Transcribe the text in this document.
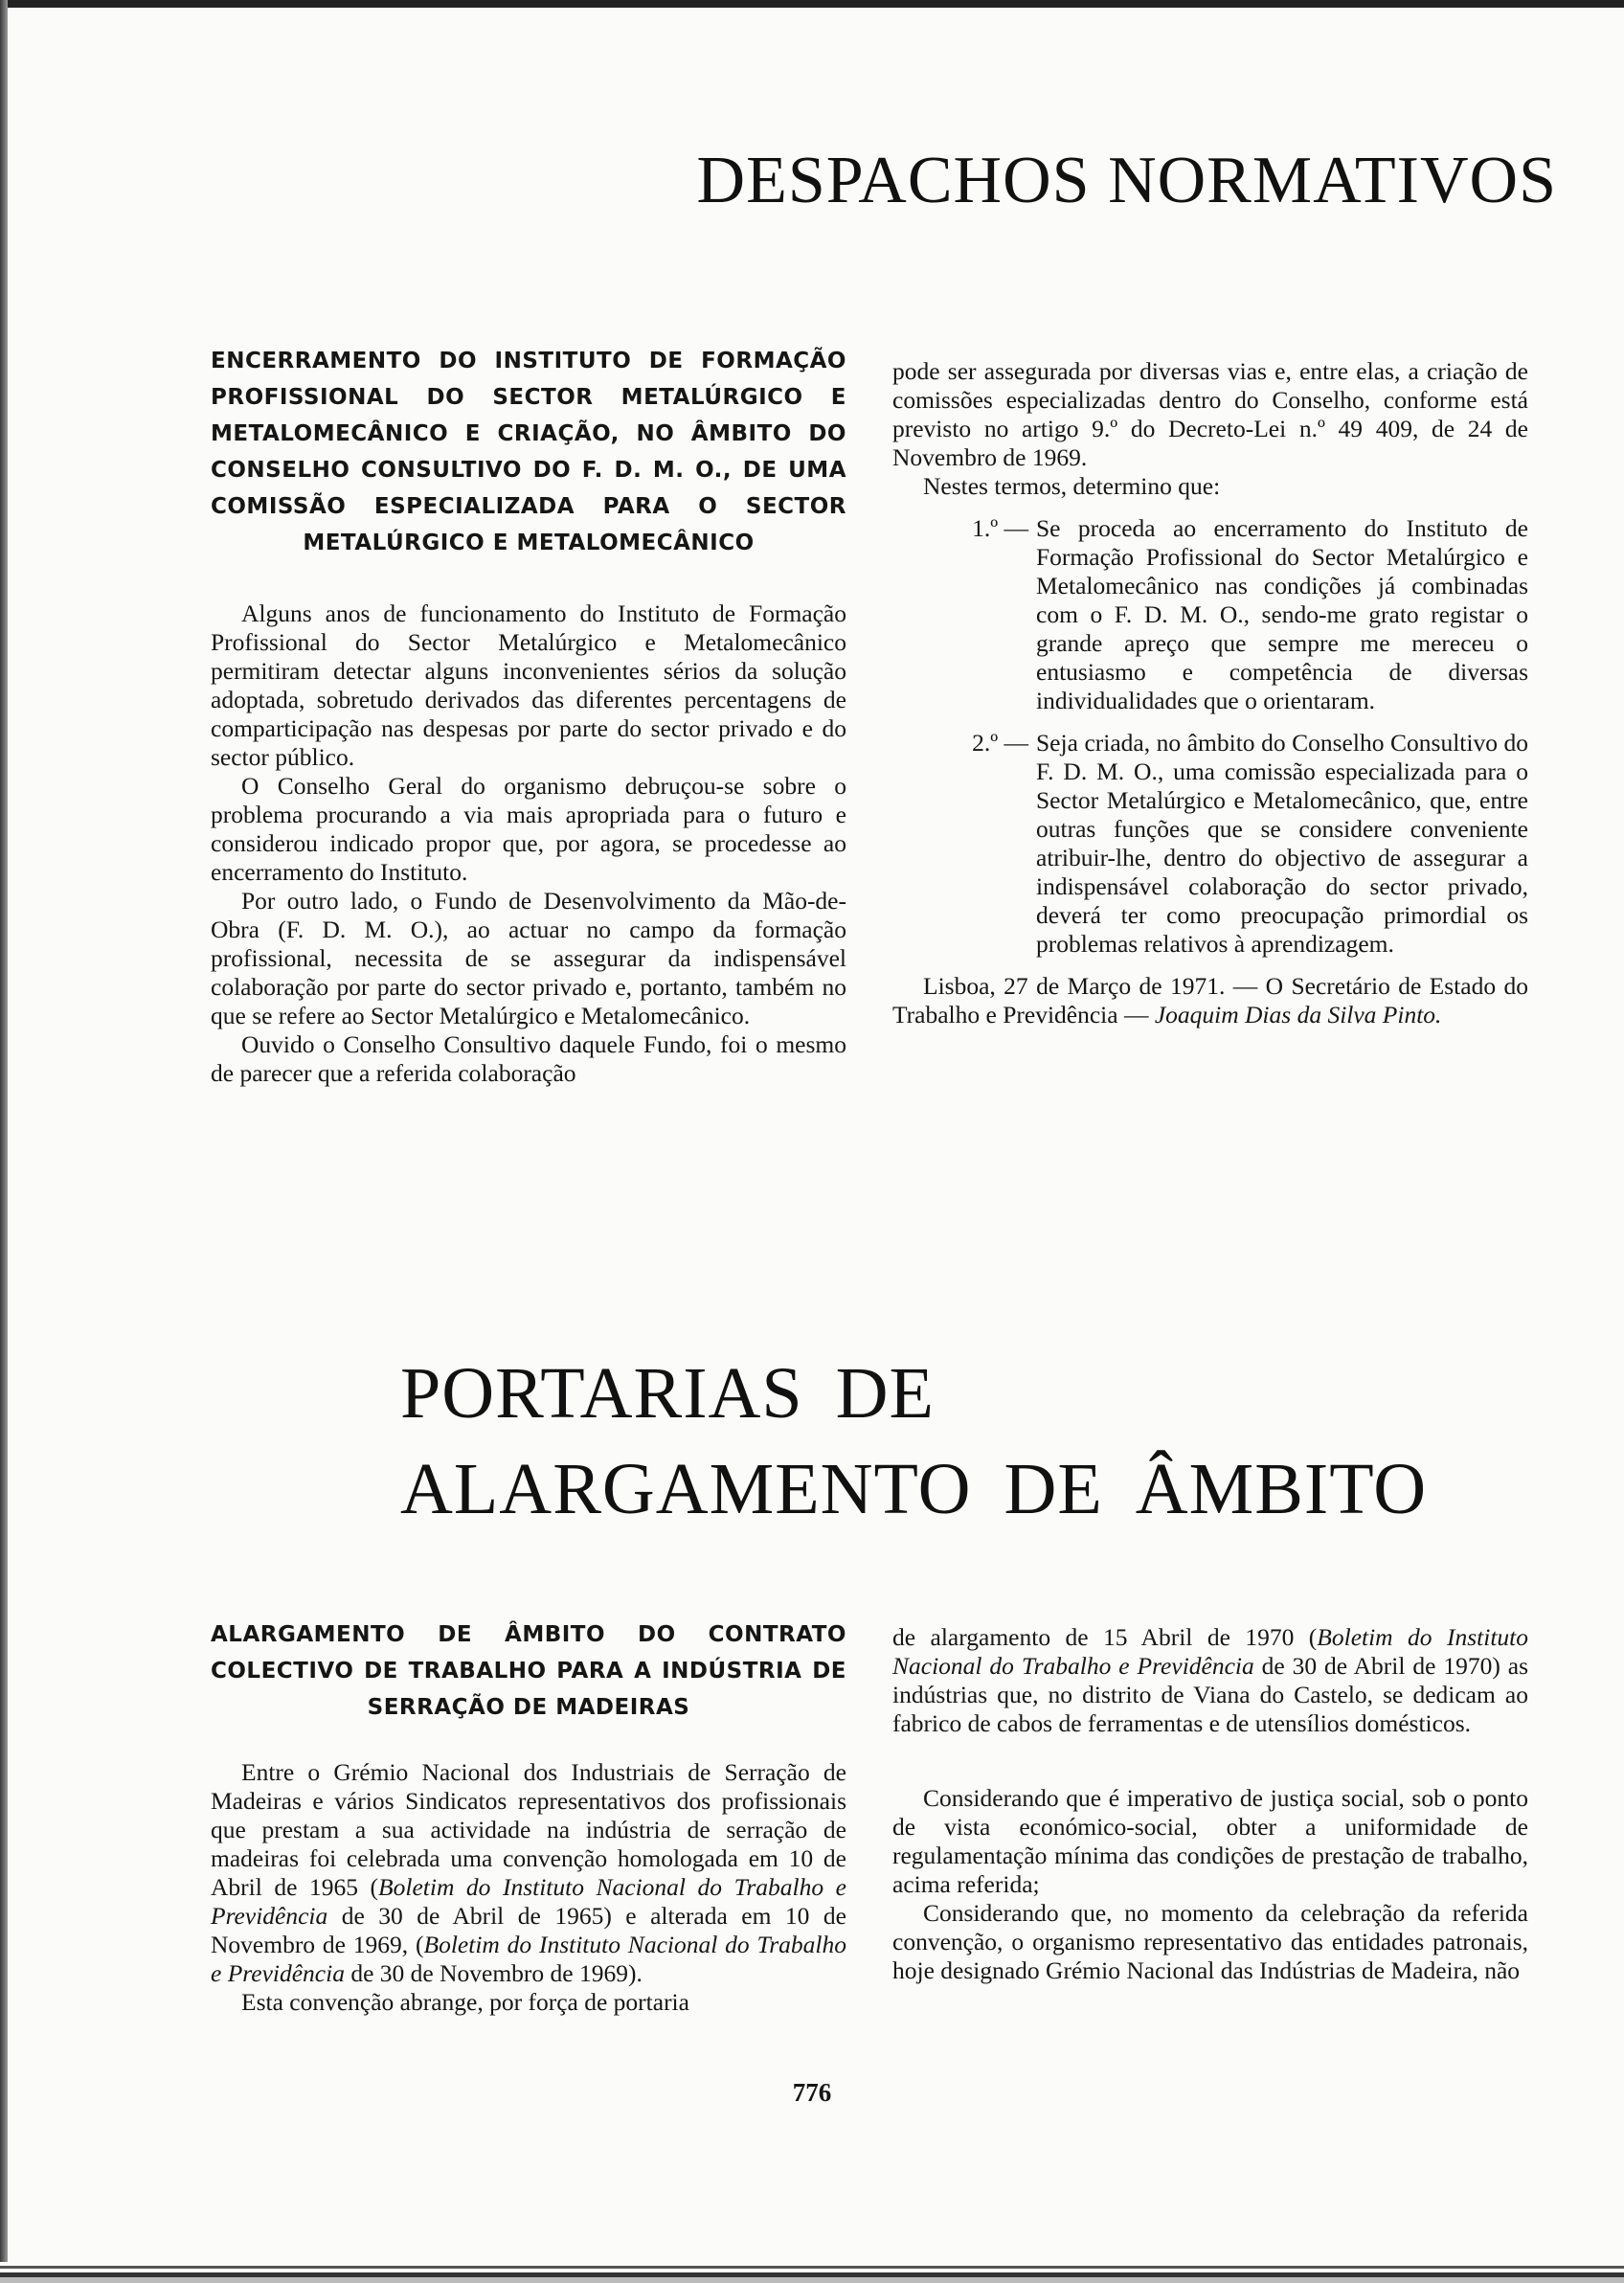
DESPACHOS NORMATIVOS
ENCERRAMENTO DO INSTITUTO DE FORMAÇÃO PROFISSIONAL DO SECTOR METALÚRGICO E METALOMECÂNICO E CRIAÇÃO, NO ÂMBITO DO CONSELHO CONSULTIVO DO F. D. M. O., DE UMA COMISSÃO ESPECIALIZADA PARA O SECTOR METALÚRGICO E METALOMECÂNICO

Alguns anos de funcionamento do Instituto de Formação Profissional do Sector Metalúrgico e Metalomecânico permitiram detectar alguns inconvenientes sérios da solução adoptada, sobretudo derivados das diferentes percentagens de comparticipação nas despesas por parte do sector privado e do sector público.

O Conselho Geral do organismo debruçou-se sobre o problema procurando a via mais apropriada para o futuro e considerou indicado propor que, por agora, se procedesse ao encerramento do Instituto.

Por outro lado, o Fundo de Desenvolvimento da Mão-de-Obra (F. D. M. O.), ao actuar no campo da formação profissional, necessita de se assegurar da indispensável colaboração por parte do sector privado e, portanto, também no que se refere ao Sector Metalúrgico e Metalomecânico.

Ouvido o Conselho Consultivo daquele Fundo, foi o mesmo de parecer que a referida colaboração

pode ser assegurada por diversas vias e, entre elas, a criação de comissões especializadas dentro do Conselho, conforme está previsto no artigo 9.º do Decreto-Lei n.º 49 409, de 24 de Novembro de 1969.

Nestes termos, determino que:

1.º — Se proceda ao encerramento do Instituto de Formação Profissional do Sector Metalúrgico e Metalomecânico nas condições já combinadas com o F. D. M. O., sendo-me grato registar o grande apreço que sempre me mereceu o entusiasmo e competência de diversas individualidades que o orientaram.
2.º — Seja criada, no âmbito do Conselho Consultivo do F. D. M. O., uma comissão especializada para o Sector Metalúrgico e Metalomecânico, que, entre outras funções que se considere conveniente atribuir-lhe, dentro do objectivo de assegurar a indispensável colaboração do sector privado, deverá ter como preocupação primordial os problemas relativos à aprendizagem.

Lisboa, 27 de Março de 1971. — O Secretário de Estado do Trabalho e Previdência — Joaquim Dias da Silva Pinto.

PORTARIAS DE ALARGAMENTO DE ÂMBITO
ALARGAMENTO DE ÂMBITO DO CONTRATO COLECTIVO DE TRABALHO PARA A INDÚSTRIA DE SERRAÇÃO DE MADEIRAS

Entre o Grémio Nacional dos Industriais de Serração de Madeiras e vários Sindicatos representativos dos profissionais que prestam a sua actividade na indústria de serração de madeiras foi celebrada uma convenção homologada em 10 de Abril de 1965 (Boletim do Instituto Nacional do Trabalho e Previdência de 30 de Abril de 1965) e alterada em 10 de Novembro de 1969, (Boletim do Instituto Nacional do Trabalho e Previdência de 30 de Novembro de 1969).

Esta convenção abrange, por força de portaria

de alargamento de 15 Abril de 1970 (Boletim do Instituto Nacional do Trabalho e Previdência de 30 de Abril de 1970) as indústrias que, no distrito de Viana do Castelo, se dedicam ao fabrico de cabos de ferramentas e de utensílios domésticos.

Considerando que é imperativo de justiça social, sob o ponto de vista económico-social, obter a uniformidade de regulamentação mínima das condições de prestação de trabalho, acima referida;

Considerando que, no momento da celebração da referida convenção, o organismo representativo das entidades patronais, hoje designado Grémio Nacional das Indústrias de Madeira, não

776
